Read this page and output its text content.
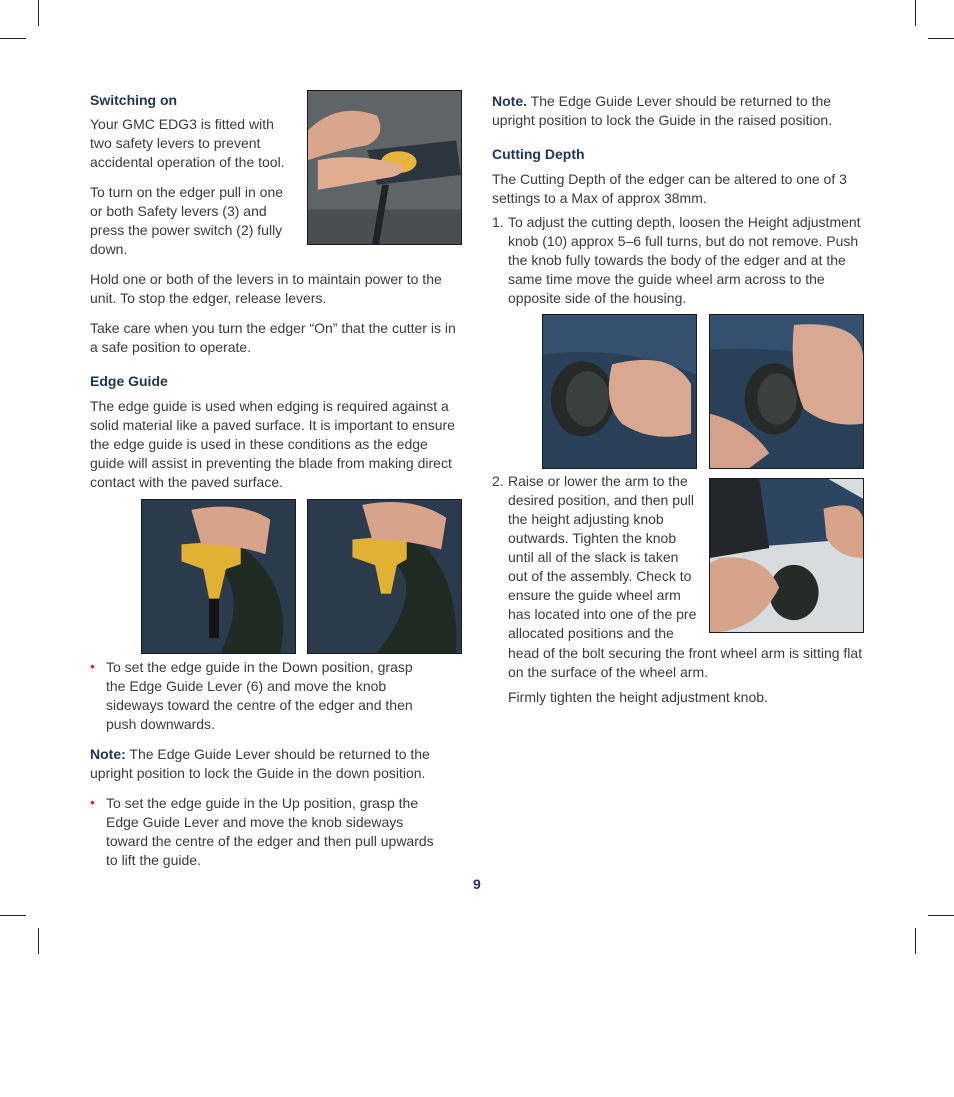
Switching on

Your GMC EDG3 is fitted with two safety levers to prevent accidental operation of the tool.

To turn on the edger pull in one or both Safety levers (3) and press the power switch (2) fully down.

Hold one or both of the levers in to maintain power to the unit. To stop the edger, release levers.

Take care when you turn the edger “On” that the cutter is in a safe position to operate.

Edge Guide

The edge guide is used when edging is required against a solid material like a paved surface. It is important to ensure the edge guide is used in these conditions as the edge guide will assist in preventing the blade from making direct contact with the paved surface.

• To set the edge guide in the Down position, grasp the Edge Guide Lever (6) and move the knob sideways toward the centre of the edger and then push downwards.

Note: The Edge Guide Lever should be returned to the upright position to lock the Guide in the down position.

• To set the edge guide in the Up position, grasp the Edge Guide Lever and move the knob sideways toward the centre of the edger and then pull upwards to lift the guide.

Note. The Edge Guide Lever should be returned to the upright position to lock the Guide in the raised position.

Cutting Depth

The Cutting Depth of the edger can be altered to one of 3 settings to a Max of approx 38mm.

1. To adjust the cutting depth, loosen the Height adjustment knob (10) approx 5–6 full turns, but do not remove. Push the knob fully towards the body of the edger and at the same time move the guide wheel arm across to the opposite side of the housing.

2. Raise or lower the arm to the desired position, and then pull the height adjusting knob outwards. Tighten the knob until all of the slack is taken out of the assembly. Check to ensure the guide wheel arm has located into one of the pre allocated positions and the

head of the bolt securing the front wheel arm is sitting flat on the surface of the wheel arm.

Firmly tighten the height adjustment knob.

9
